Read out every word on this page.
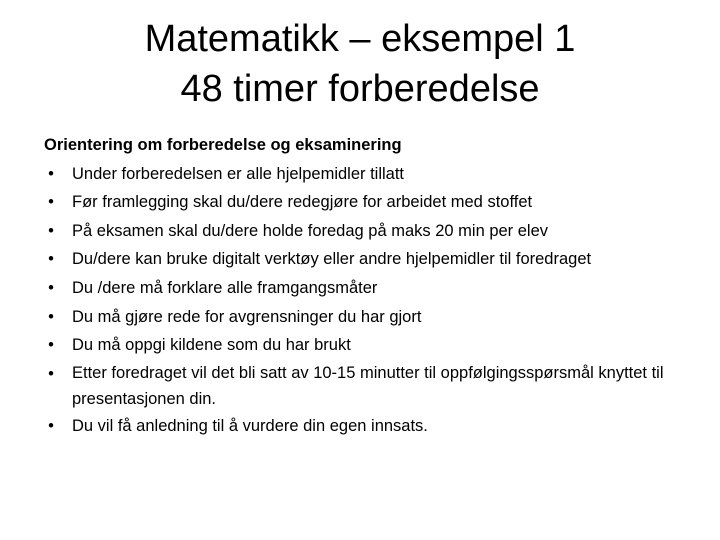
Matematikk – eksempel 1
48 timer forberedelse
Orientering om forberedelse og eksaminering
• Under forberedelsen er alle hjelpemidler tillatt
• Før framlegging skal du/dere redegjøre for arbeidet med stoffet
• På eksamen skal du/dere holde foredag på maks 20 min per elev
• Du/dere kan bruke digitalt verktøy eller andre hjelpemidler til foredraget
• Du /dere må forklare alle framgangsmåter
• Du må gjøre rede for avgrensninger du har gjort
• Du må oppgi kildene som du har brukt
• Etter foredraget vil det bli satt av 10-15 minutter til oppfølgingsspørsmål knyttet til presentasjonen din.
• Du vil få anledning til å vurdere din egen innsats.
